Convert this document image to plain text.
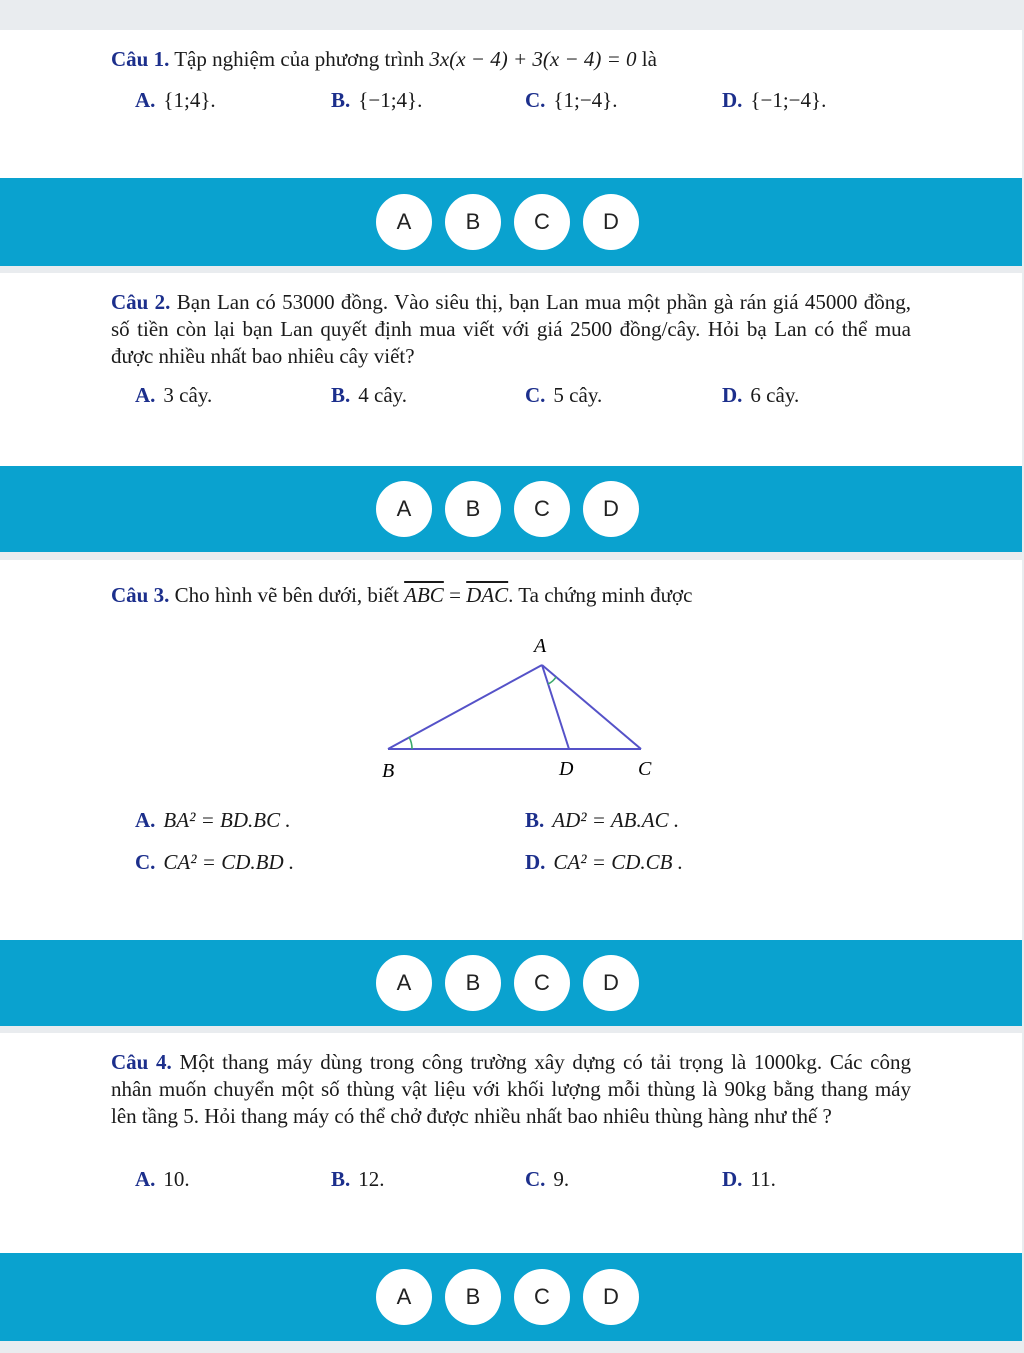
Câu 1. Tập nghiệm của phương trình 3x(x − 4) + 3(x − 4) = 0 là
A. {1;4}.	B. {−1;4}.	C. {1;−4}.	D. {−1;−4}.
A	B	C	D
Câu 2. Bạn Lan có 53000 đồng. Vào siêu thị, bạn Lan mua một phần gà rán giá 45000 đồng, số tiền còn lại bạn Lan quyết định mua viết với giá 2500 đồng/cây. Hỏi bạ Lan có thể mua được nhiều nhất bao nhiêu cây viết?
A. 3 cây.	B. 4 cây.	C. 5 cây.	D. 6 cây.
A	B	C	D
Câu 3. Cho hình vẽ bên dưới, biết $\overline{ABC} = \overline{DAC}$. Ta chứng minh được
A
B	D	C
A. BA² = BD.BC .	B. AD² = AB.AC .
C. CA² = CD.BD .	D. CA² = CD.CB .
A	B	C	D
Câu 4. Một thang máy dùng trong công trường xây dựng có tải trọng là 1000kg. Các công nhân muốn chuyển một số thùng vật liệu với khối lượng mỗi thùng là 90kg bằng thang máy lên tầng 5. Hỏi thang máy có thể chở được nhiều nhất bao nhiêu thùng hàng như thế ?
A. 10.	B. 12.	C. 9.	D. 11.
A	B	C	D
